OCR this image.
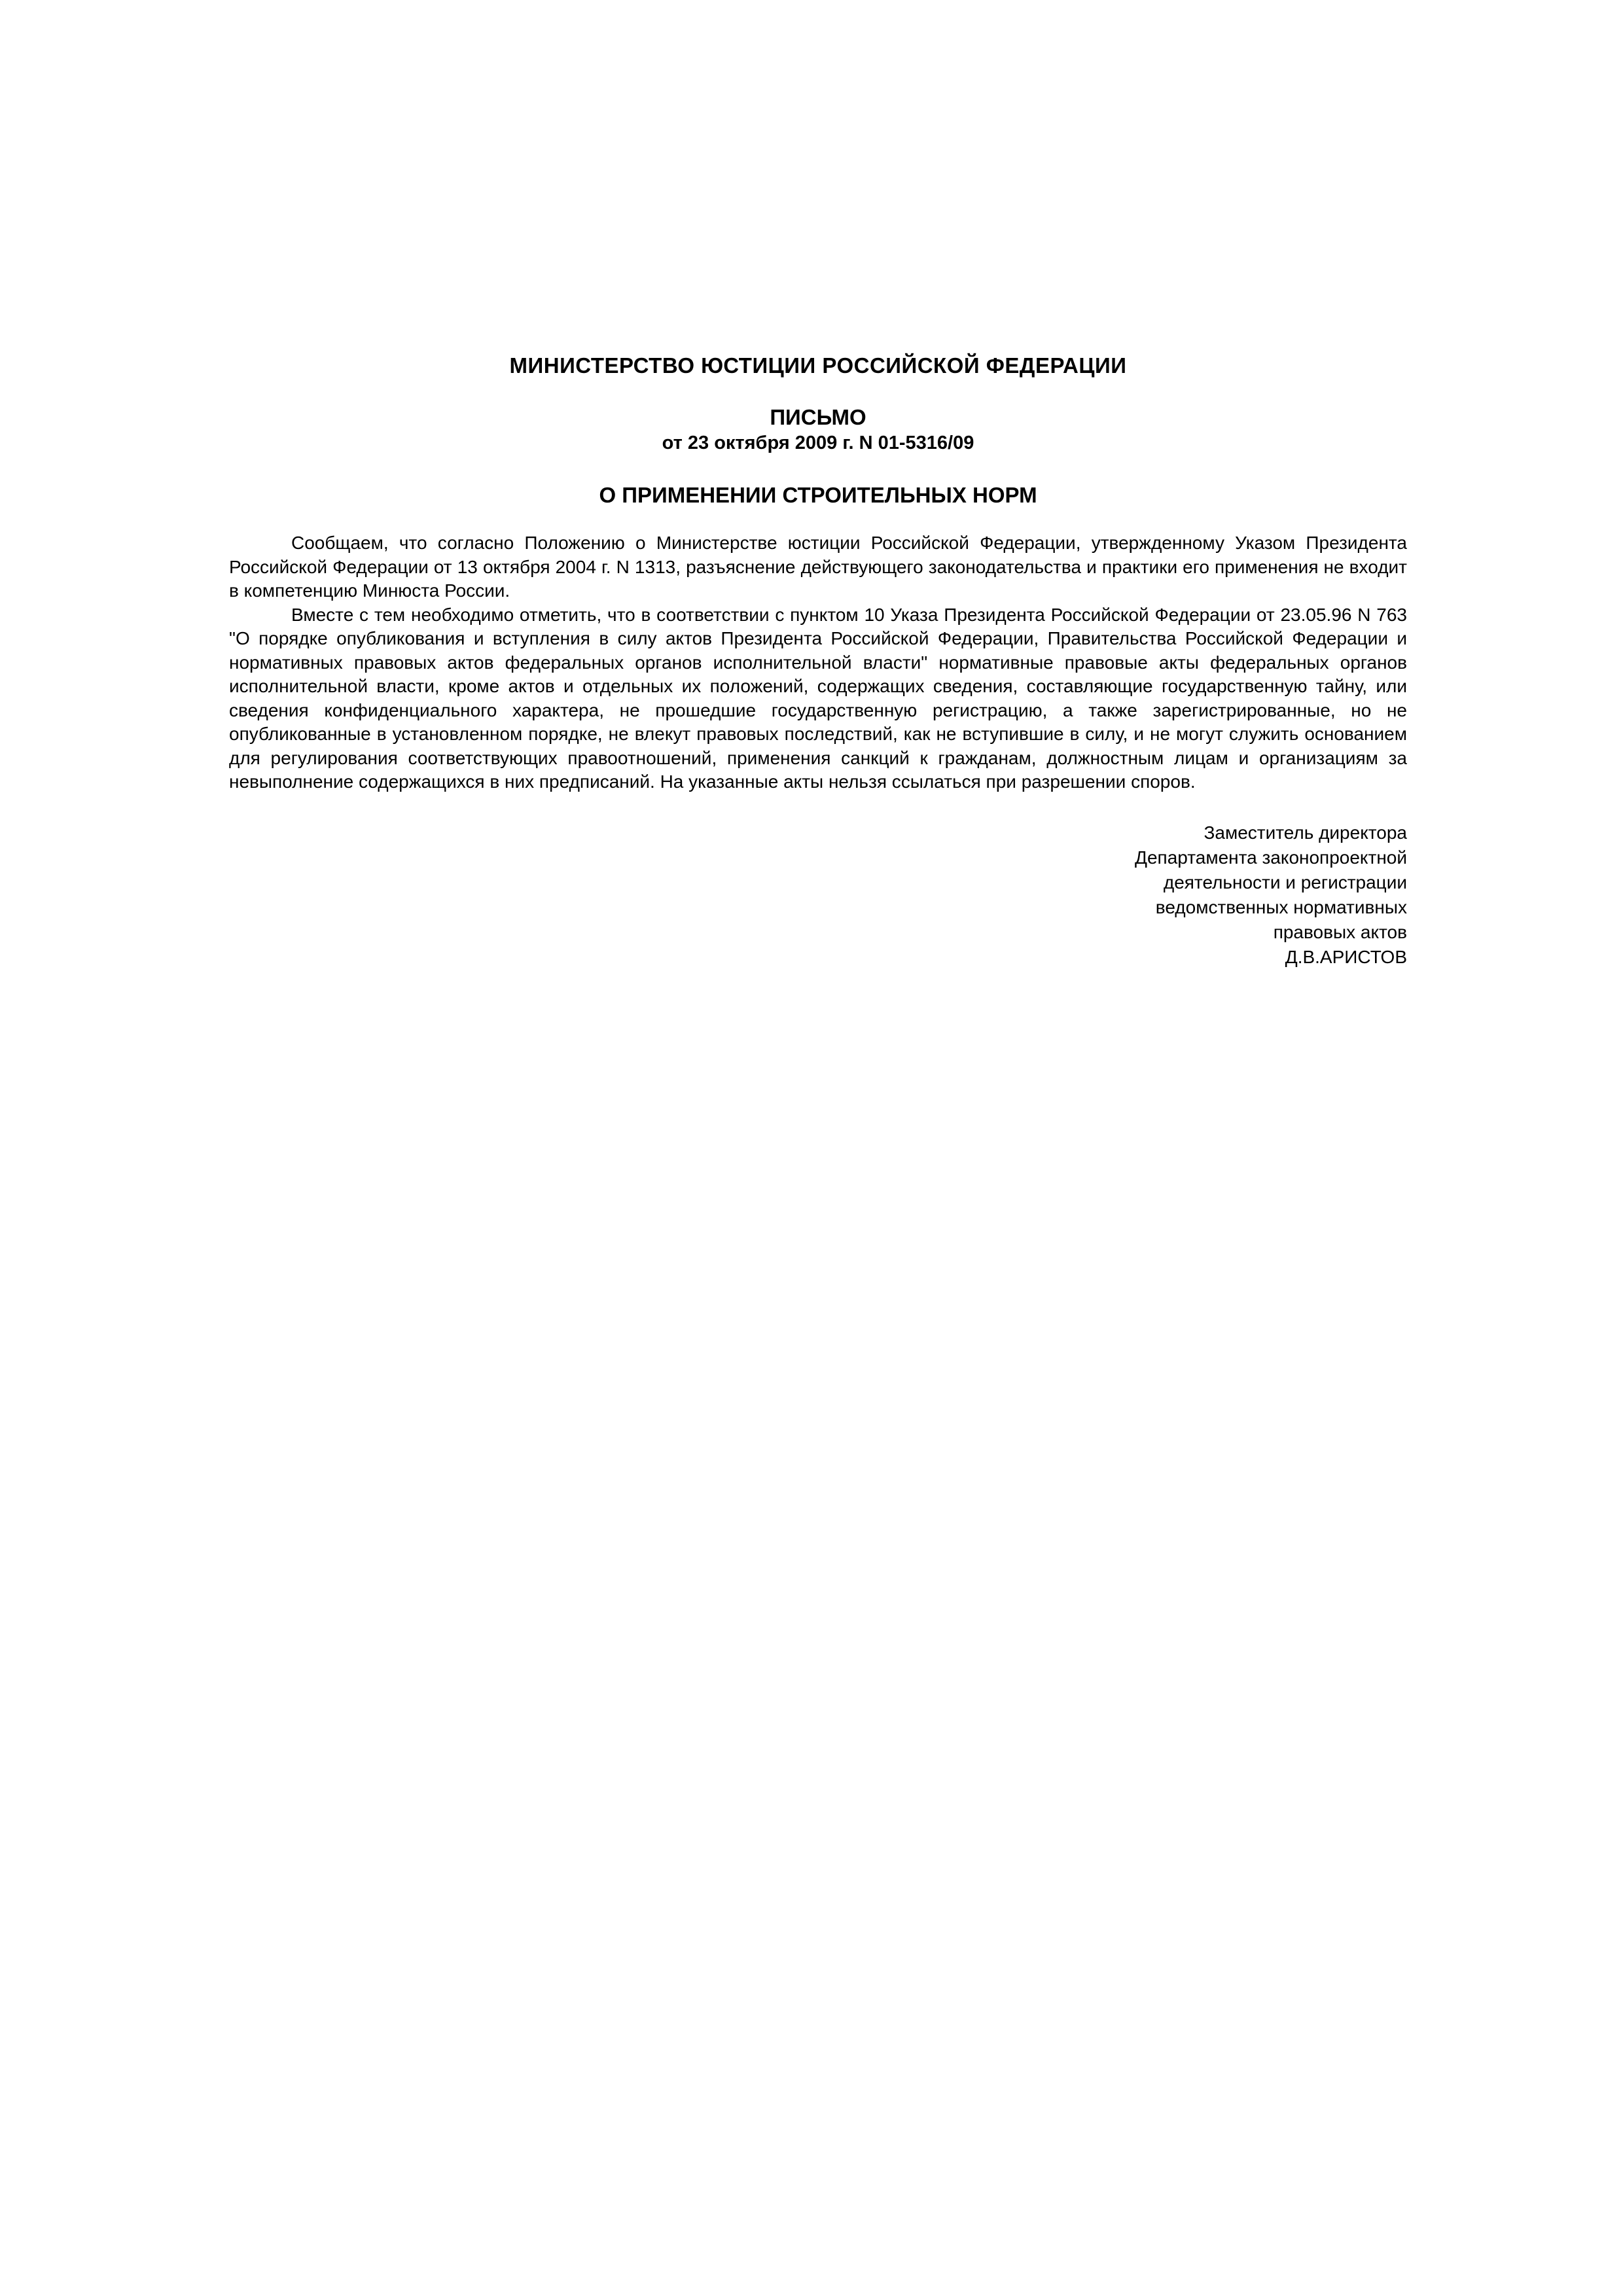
МИНИСТЕРСТВО ЮСТИЦИИ РОССИЙСКОЙ ФЕДЕРАЦИИ
ПИСЬМО
от 23 октября 2009 г. N 01-5316/09
О ПРИМЕНЕНИИ СТРОИТЕЛЬНЫХ НОРМ

Сообщаем, что согласно Положению о Министерстве юстиции Российской Федерации, утвержденному Указом Президента Российской Федерации от 13 октября 2004 г. N 1313, разъяснение действующего законодательства и практики его применения не входит в компетенцию Минюста России.

Вместе с тем необходимо отметить, что в соответствии с пунктом 10 Указа Президента Российской Федерации от 23.05.96 N 763 "О порядке опубликования и вступления в силу актов Президента Российской Федерации, Правительства Российской Федерации и нормативных правовых актов федеральных органов исполнительной власти" нормативные правовые акты федеральных органов исполнительной власти, кроме актов и отдельных их положений, содержащих сведения, составляющие государственную тайну, или сведения конфиденциального характера, не прошедшие государственную регистрацию, а также зарегистрированные, но не опубликованные в установленном порядке, не влекут правовых последствий, как не вступившие в силу, и не могут служить основанием для регулирования соответствующих правоотношений, применения санкций к гражданам, должностным лицам и организациям за невыполнение содержащихся в них предписаний. На указанные акты нельзя ссылаться при разрешении споров.

Заместитель директора
Департамента законопроектной
деятельности и регистрации
ведомственных нормативных
правовых актов
Д.В.АРИСТОВ
